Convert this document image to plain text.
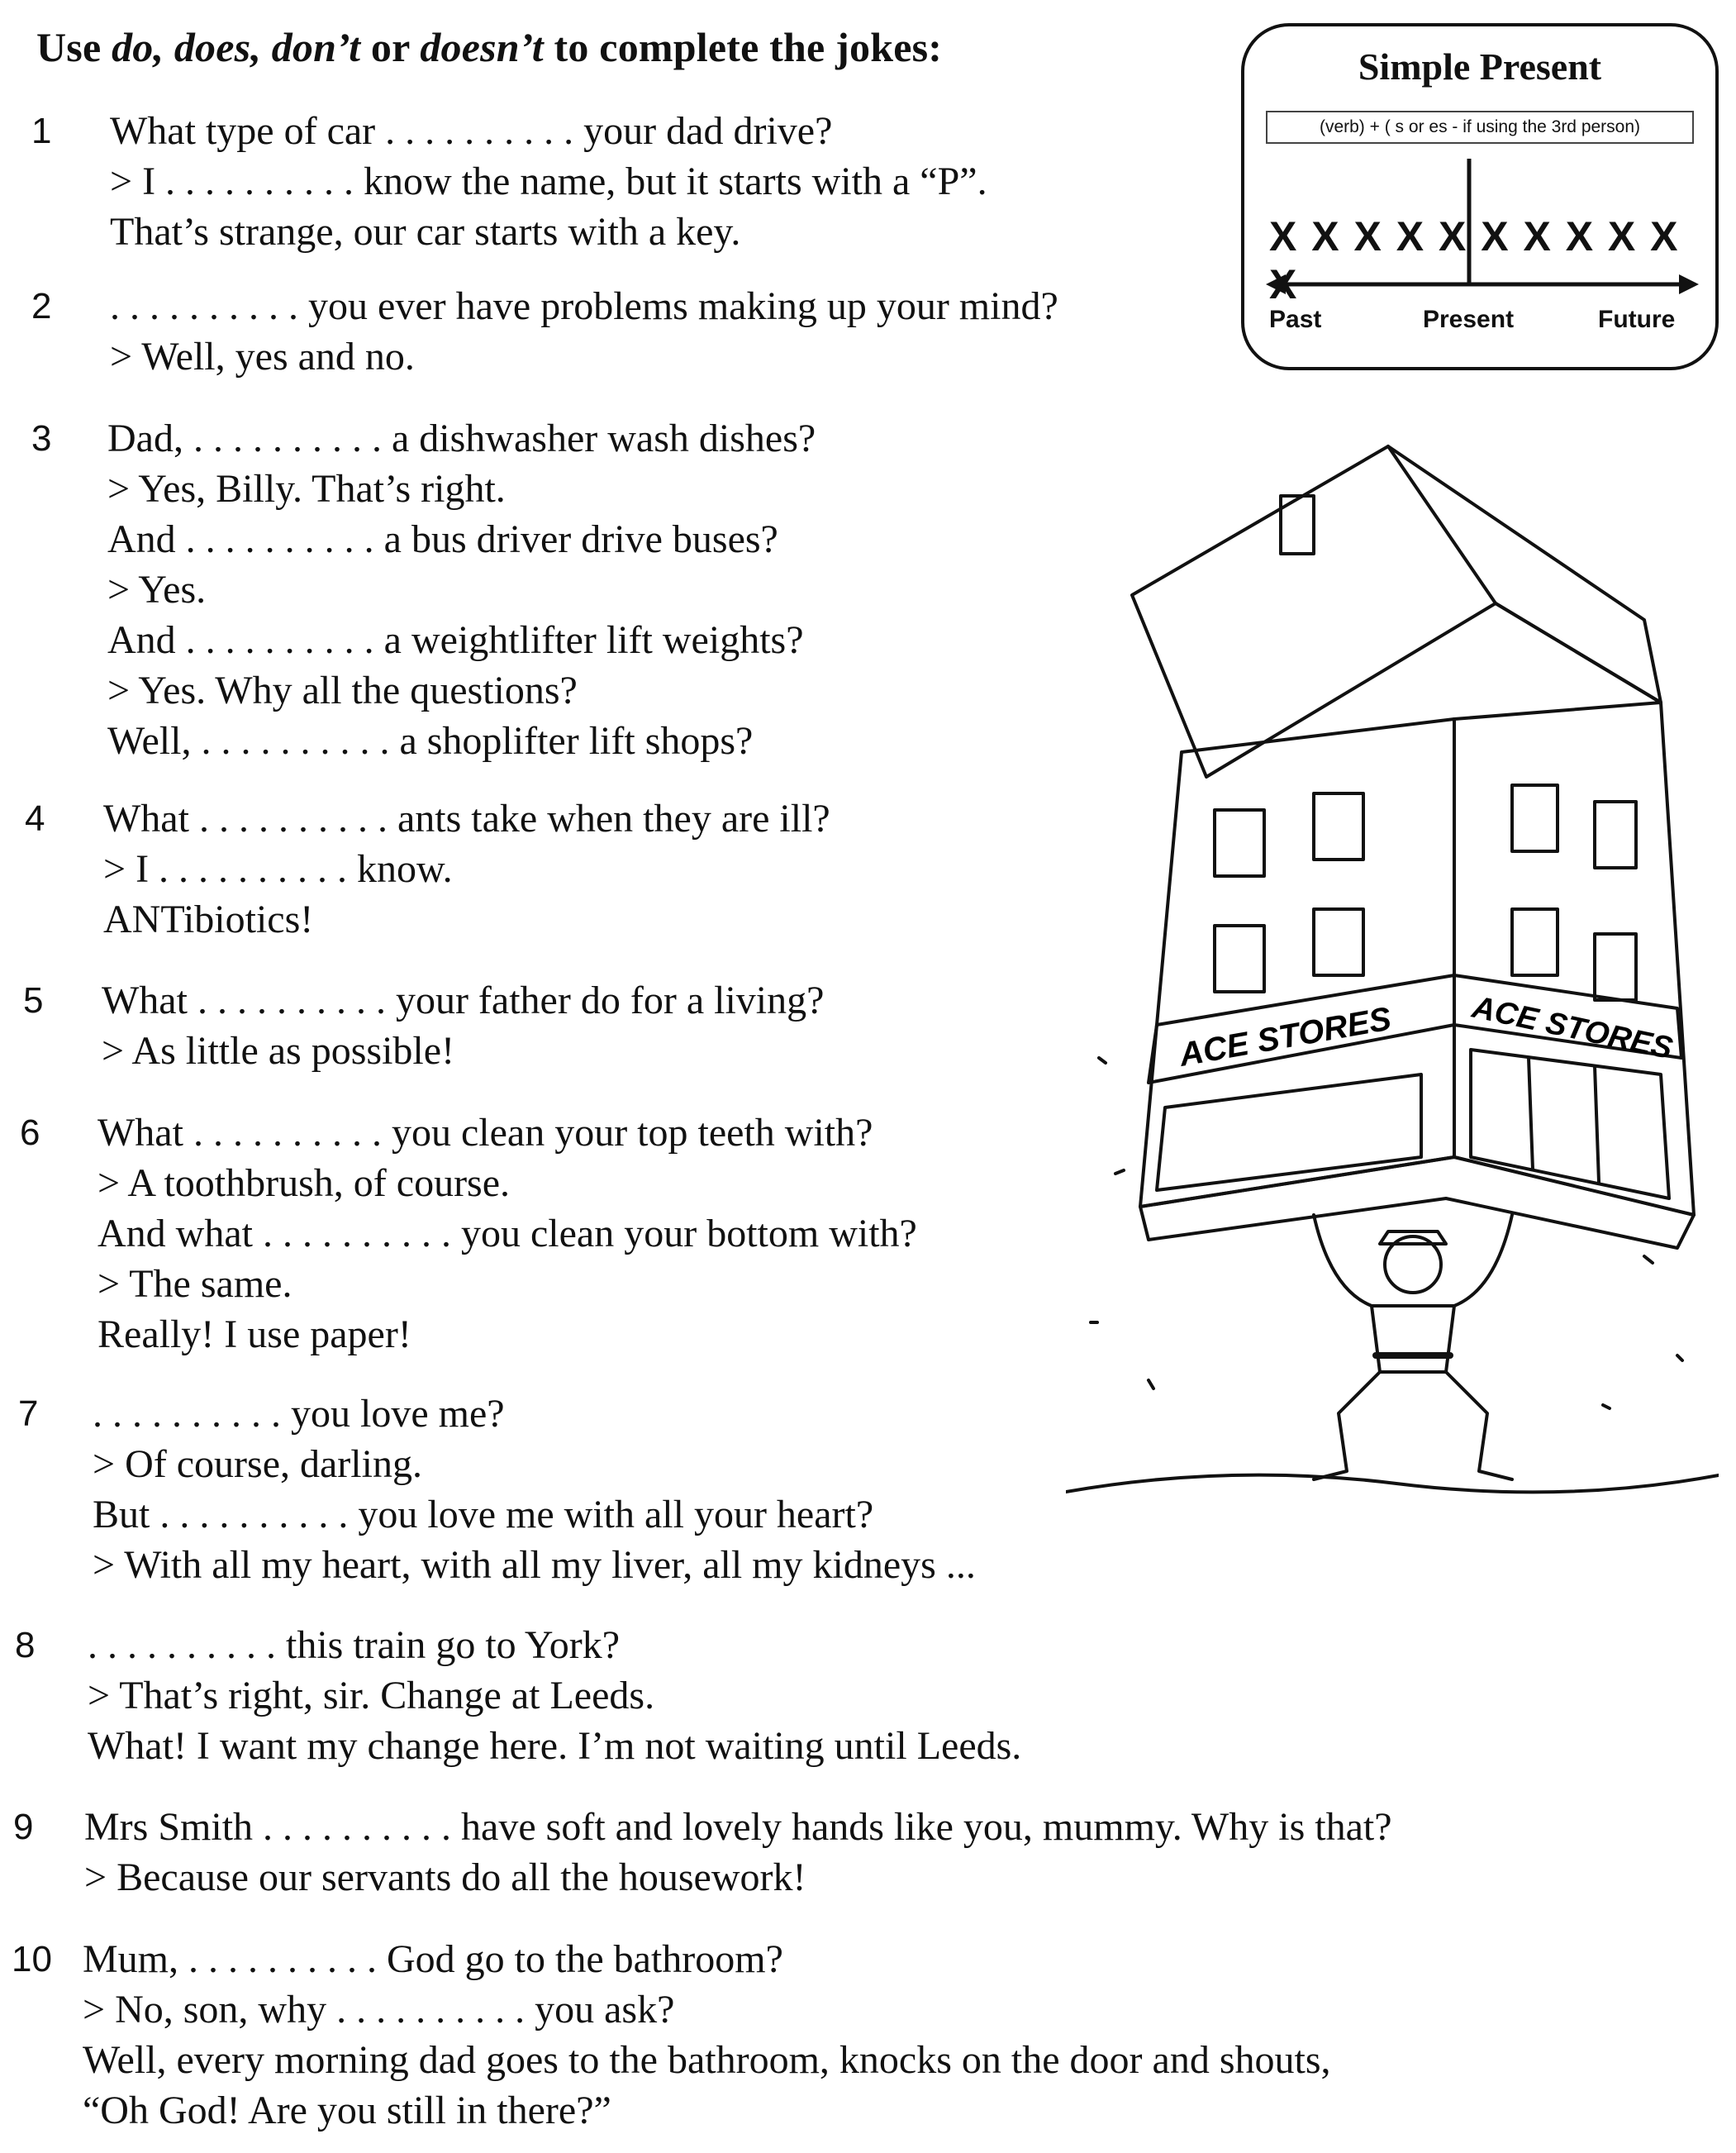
Use do, does, don’t or doesn’t to complete the jokes:	Simple Present
(verb) + ( s or es - if using the 3rd person)
X X X X X X X X X X X
Past	Present	Future
1 What type of car . . . . . . . . . . your dad drive?
> I . . . . . . . . . . know the name, but it starts with a “P”.
That’s strange, our car starts with a key.
2 . . . . . . . . . . you ever have problems making up your mind?
> Well, yes and no.
3 Dad, . . . . . . . . . . a dishwasher wash dishes?
> Yes, Billy. That’s right.
And . . . . . . . . . . a bus driver drive buses?
> Yes.
And . . . . . . . . . . a weightlifter lift weights?
> Yes. Why all the questions?
Well, . . . . . . . . . . a shoplifter lift shops?
4 What . . . . . . . . . . ants take when they are ill?
> I . . . . . . . . . . know.
ANTibiotics!
5 What . . . . . . . . . . your father do for a living?
> As little as possible!
6 What . . . . . . . . . . you clean your top teeth with?
> A toothbrush, of course.
And what . . . . . . . . . . you clean your bottom with?
> The same.
Really! I use paper!
7 . . . . . . . . . . you love me?
> Of course, darling.
But . . . . . . . . . . you love me with all your heart?
> With all my heart, with all my liver, all my kidneys ...
8 . . . . . . . . . . this train go to York?
> That’s right, sir. Change at Leeds.
What! I want my change here. I’m not waiting until Leeds.
9 Mrs Smith . . . . . . . . . . have soft and lovely hands like you, mummy. Why is that?
> Because our servants do all the housework!
10 Mum, . . . . . . . . . . God go to the bathroom?
> No, son, why . . . . . . . . . . you ask?
Well, every morning dad goes to the bathroom, knocks on the door and shouts,
“Oh God! Are you still in there?”
ACE STORES ACE STORES
